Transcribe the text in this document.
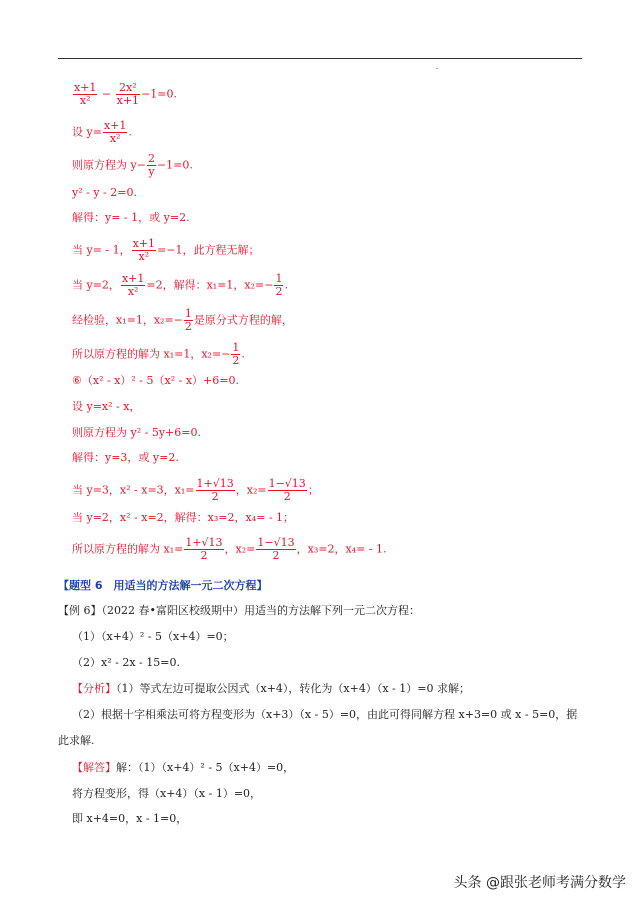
$\frac{x+1}{\text{x²}} - \frac{\text{2x²}}{x+1} -1=0$.
设 $y= \frac{x+1}{\text{x²}}$ .
则原方程为 $y- \frac{2}{y} -1=0$.
y² - y - 2=0.
解得：y= - 1，或 y=2.
当 y= - 1， $\frac{x+1}{\text{x²}} =-1$，此方程无解；
当 y=2， $\frac{x+1}{\text{x²}} =2$，解得：x₁=1，$x_2=- \frac{1}{2}$ .
经检验，x₁=1，$x_2=- \frac{1}{2}$ 是原分式方程的解，
所以原方程的解为 x₁=1，$x_2=- \frac{1}{2}$ .
⑥（x² - x）² - 5（x² - x）+6=0.
设 y=x² - x，
则原方程为 y² - 5y+6=0.
解得：y=3，或 y=2.
当 y=3，x² - x=3，$x_1= \frac{1+√13}{2}$ ，$x_2= \frac{1-√13}{2}$ ；
当 y=2，x² - x=2，解得：x₃=2，x₄= - 1；
所以原方程的解为 $x_1= \frac{1+√13}{2}$ ，$x_2= \frac{1-√13}{2}$ ，x₃=2，x₄= - 1.
【题型 6　用适当的方法解一元二次方程】
【例 6】（2022 春•富阳区校级期中）用适当的方法解下列一元二次方程：
（1）（x+4）² - 5（x+4）=0；
（2）x² - 2x - 15=0.
【分析】（1）等式左边可提取公因式（x+4），转化为（x+4）（x - 1）=0 求解；
（2）根据十字相乘法可将方程变形为（x+3）（x - 5）=0，由此可得同解方程 x+3=0 或 x - 5=0，据
此求解.
【解答】解：（1）（x+4）² - 5（x+4）=0，
将方程变形，得（x+4）（x - 1）=0，
即 x+4=0，x - 1=0，
头条 @跟张老师考满分数学
